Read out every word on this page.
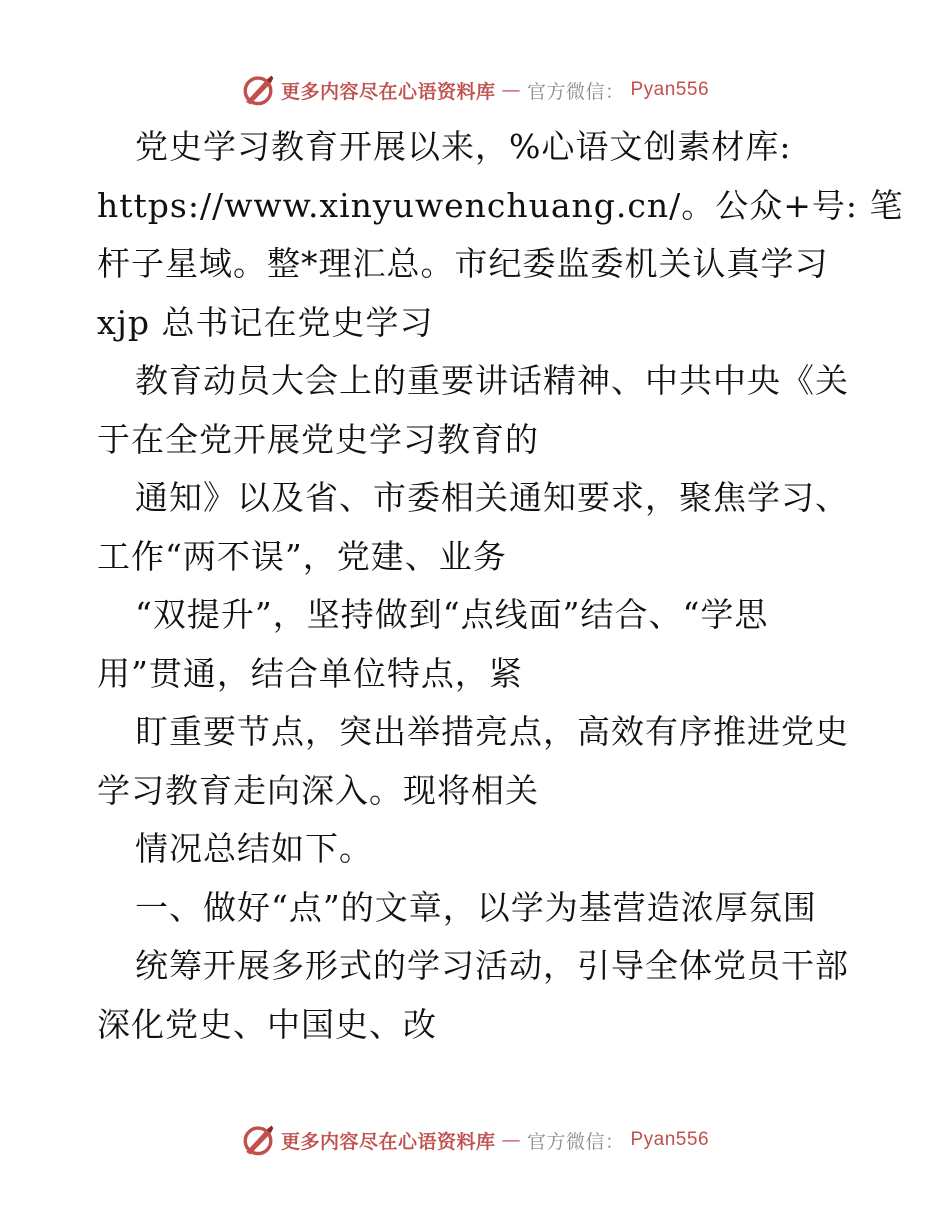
更多内容尽在心语资料库 — 官方微信： Pyan556
党史学习教育开展以来，%心语文创素材库:
https://www.xinyuwenchuang.cn/。公众+号: 笔
杆子星域。整*理汇总。市纪委监委机关认真学习
xjp 总书记在党史学习
教育动员大会上的重要讲话精神、中共中央《关
于在全党开展党史学习教育的
通知》以及省、市委相关通知要求，聚焦学习、
工作“两不误”，党建、业务
“双提升”，坚持做到“点线面”结合、“学思
用”贯通，结合单位特点，紧
盯重要节点，突出举措亮点，高效有序推进党史
学习教育走向深入。现将相关
情况总结如下。
一、做好“点”的文章，以学为基营造浓厚氛围
统筹开展多形式的学习活动，引导全体党员干部
深化党史、中国史、改
更多内容尽在心语资料库 — 官方微信： Pyan556
